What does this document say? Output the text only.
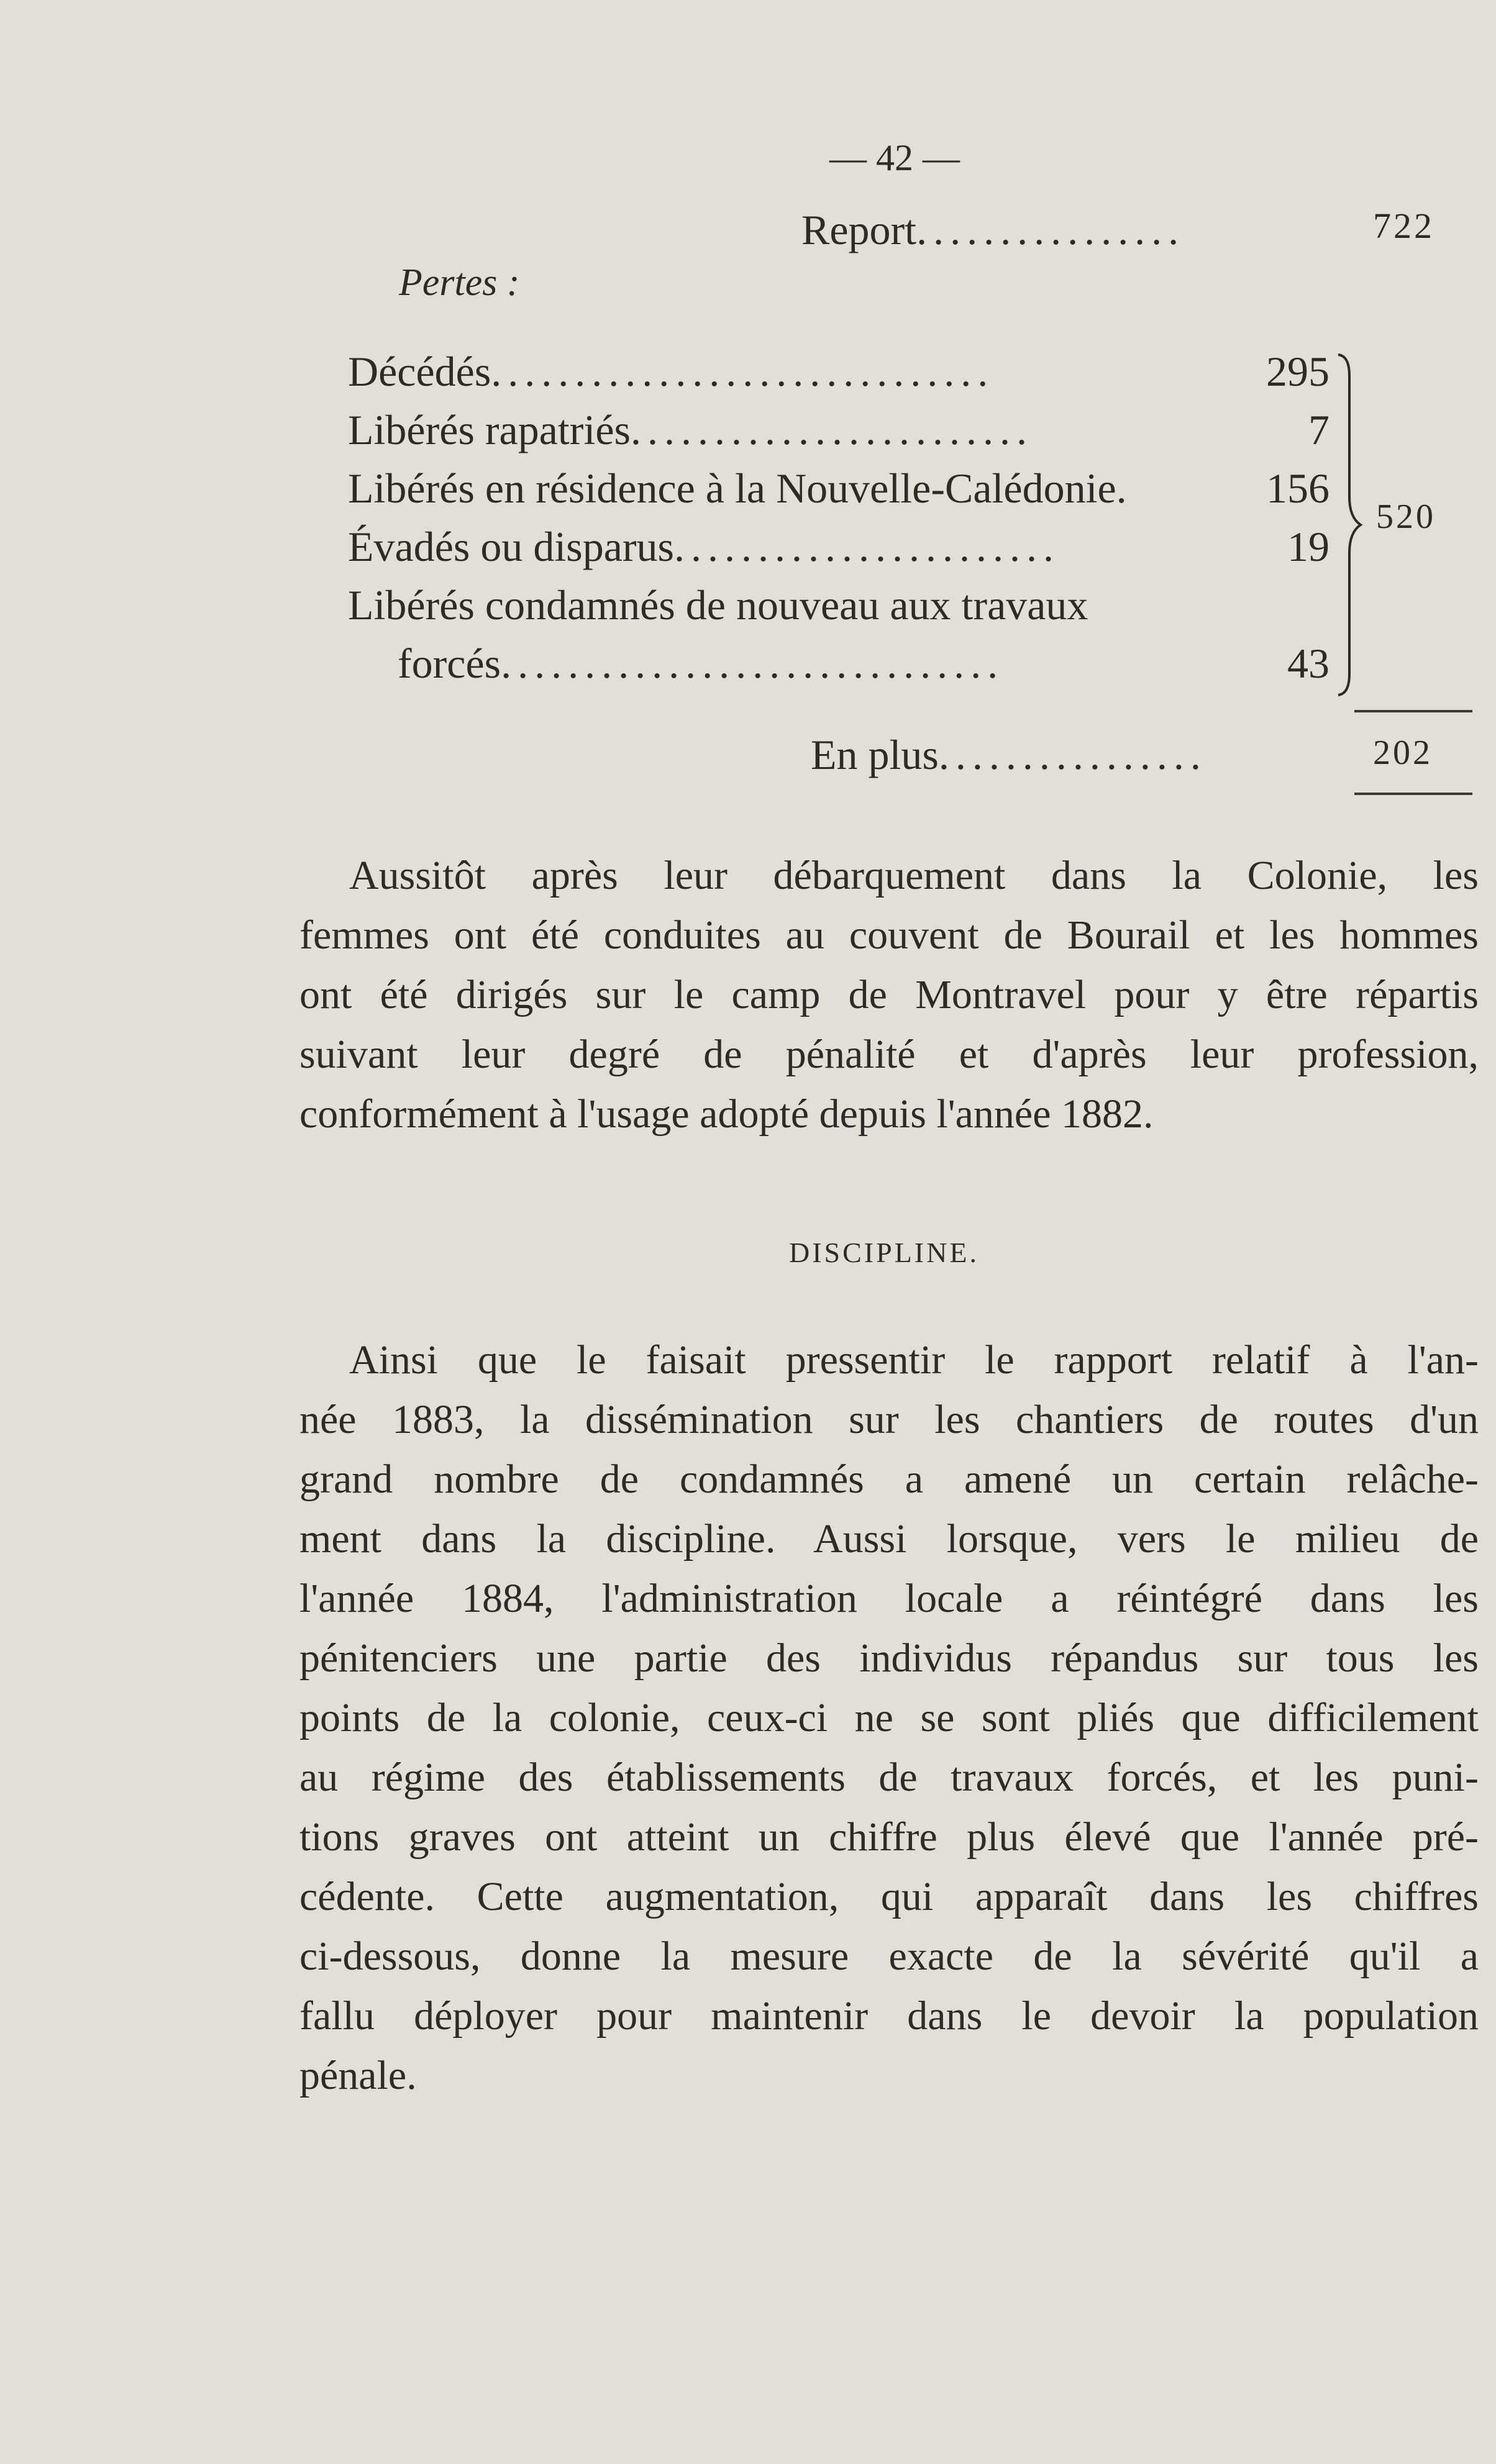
— 42 —
Report................	722
Pertes :
Décédés..............................	295
Libérés rapatriés........................	7
Libérés en résidence à la Nouvelle-Calédonie.	156
Évadés ou disparus.......................	19
Libérés condamnés de nouveau aux travaux
forcés..............................	43
520
En plus................	202
Aussitôt après leur débarquement dans la Colonie, les
femmes ont été conduites au couvent de Bourail et les hommes
ont été dirigés sur le camp de Montravel pour y être répartis
suivant leur degré de pénalité et d'après leur profession,
conformément à l'usage adopté depuis l'année 1882.
DISCIPLINE.
Ainsi que le faisait pressentir le rapport relatif à l'an-
née 1883, la dissémination sur les chantiers de routes d'un
grand nombre de condamnés a amené un certain relâche-
ment dans la discipline. Aussi lorsque, vers le milieu de
l'année 1884, l'administration locale a réintégré dans les
pénitenciers une partie des individus répandus sur tous les
points de la colonie, ceux-ci ne se sont pliés que difficilement
au régime des établissements de travaux forcés, et les puni-
tions graves ont atteint un chiffre plus élevé que l'année pré-
cédente. Cette augmentation, qui apparaît dans les chiffres
ci-dessous, donne la mesure exacte de la sévérité qu'il a
fallu déployer pour maintenir dans le devoir la population
pénale.
